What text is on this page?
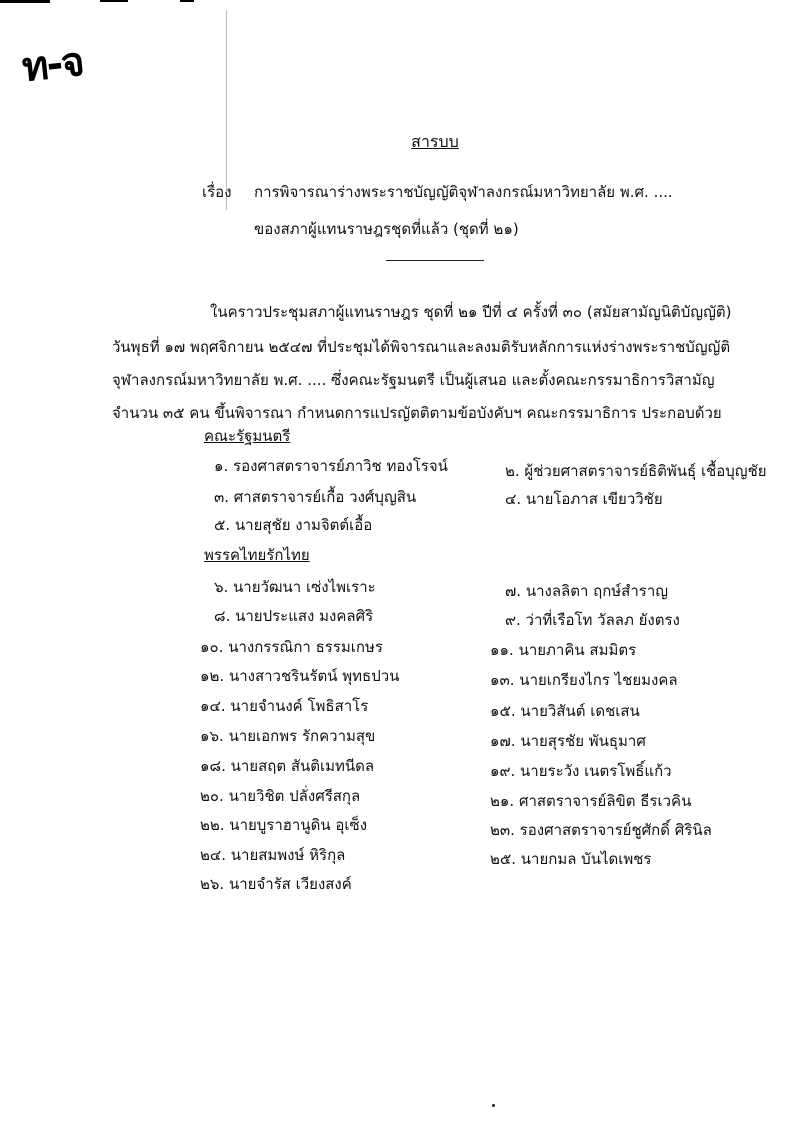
ท-จ
สารบบ
เรื่อง การพิจารณาร่างพระราชบัญญัติจุฬาลงกรณ์มหาวิทยาลัย พ.ศ. ....
ของสภาผู้แทนราษฎรชุดที่แล้ว (ชุดที่ ๒๑)
ในคราวประชุมสภาผู้แทนราษฎร ชุดที่ ๒๑ ปีที่ ๔ ครั้งที่ ๓๐ (สมัยสามัญนิติบัญญัติ)
วันพุธที่ ๑๗ พฤศจิกายน ๒๕๔๗ ที่ประชุมได้พิจารณาและลงมติรับหลักการแห่งร่างพระราชบัญญัติ
จุฬาลงกรณ์มหาวิทยาลัย พ.ศ. .... ซึ่งคณะรัฐมนตรี เป็นผู้เสนอ และตั้งคณะกรรมาธิการวิสามัญ
จำนวน ๓๕ คน ขึ้นพิจารณา กำหนดการแปรญัตติตามข้อบังคับฯ คณะกรรมาธิการ ประกอบด้วย
คณะรัฐมนตรี
๑. รองศาสตราจารย์ภาวิช ทองโรจน์	๒. ผู้ช่วยศาสตราจารย์ธิติพันธุ์ เชื้อบุญชัย
๓. ศาสตราจารย์เกื้อ วงศ์บุญสิน	๔. นายโอภาส เขียววิชัย
๕. นายสุชัย งามจิตต์เอื้อ
พรรคไทยรักไทย
๖. นายวัฒนา เซ่งไพเราะ	๗. นางลลิตา ฤกษ์สำราญ
๘. นายประแสง มงคลศิริ	๙. ว่าที่เรือโท วัลลภ ยังตรง
๑๐. นางกรรณิกา ธรรมเกษร	๑๑. นายภาคิน สมมิตร
๑๒. นางสาวชรินรัตน์ พุทธปวน	๑๓. นายเกรียงไกร ไชยมงคล
๑๔. นายจำนงค์ โพธิสาโร	๑๕. นายวิสันต์ เดชเสน
๑๖. นายเอกพร รักความสุข	๑๗. นายสุรชัย พันธุมาศ
๑๘. นายสฤต สันติเมทนีดล	๑๙. นายระวัง เนตรโพธิ์แก้ว
๒๐. นายวิชิต ปลั่งศรีสกุล	๒๑. ศาสตราจารย์ลิขิต ธีรเวคิน
๒๒. นายบูราฮานูดิน อุเซ็ง	๒๓. รองศาสตราจารย์ชูศักดิ์ ศิรินิล
๒๔. นายสมพงษ์ หิริกุล	๒๕. นายกมล บันไดเพชร
๒๖. นายจำรัส เวียงสงค์
